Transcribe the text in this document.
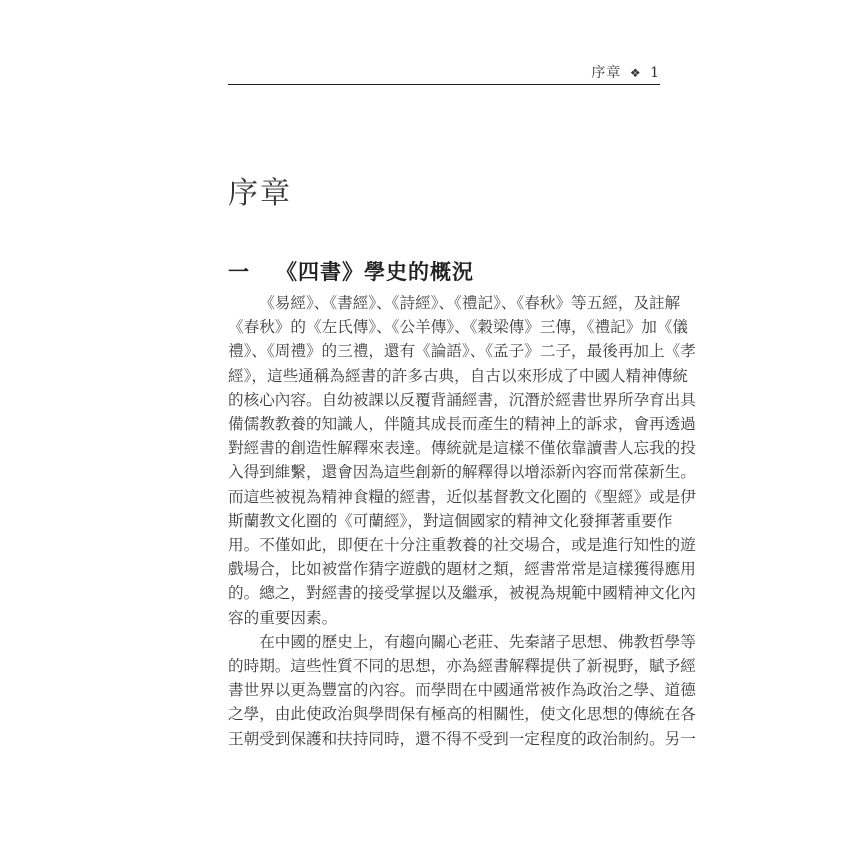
序章 ❖ 1
序章
一	《四書》學史的概況
《易經》、《書經》、《詩經》、《禮記》、《春秋》等五經，及註解
《春秋》的《左氏傳》、《公羊傳》、《穀梁傳》三傳，《禮記》加《儀
禮》、《周禮》的三禮，還有《論語》、《孟子》二子，最後再加上《孝
經》，這些通稱為經書的許多古典，自古以來形成了中國人精神傳統
的核心內容。自幼被課以反覆背誦經書，沉潛於經書世界所孕育出具
備儒教教養的知識人，伴隨其成長而產生的精神上的訴求，會再透過
對經書的創造性解釋來表達。傳統就是這樣不僅依靠讀書人忘我的投
入得到維繫，還會因為這些創新的解釋得以增添新內容而常葆新生。
而這些被視為精神食糧的經書，近似基督教文化圈的《聖經》或是伊
斯蘭教文化圈的《可蘭經》，對這個國家的精神文化發揮著重要作
用。不僅如此，即便在十分注重教養的社交場合，或是進行知性的遊
戲場合，比如被當作猜字遊戲的題材之類，經書常常是這樣獲得應用
的。總之，對經書的接受掌握以及繼承，被視為規範中國精神文化內
容的重要因素。
在中國的歷史上，有趨向關心老莊、先秦諸子思想、佛教哲學等
的時期。這些性質不同的思想，亦為經書解釋提供了新視野，賦予經
書世界以更為豐富的內容。而學問在中國通常被作為政治之學、道德
之學，由此使政治與學問保有極高的相關性，使文化思想的傳統在各
王朝受到保護和扶持同時，還不得不受到一定程度的政治制約。另一
